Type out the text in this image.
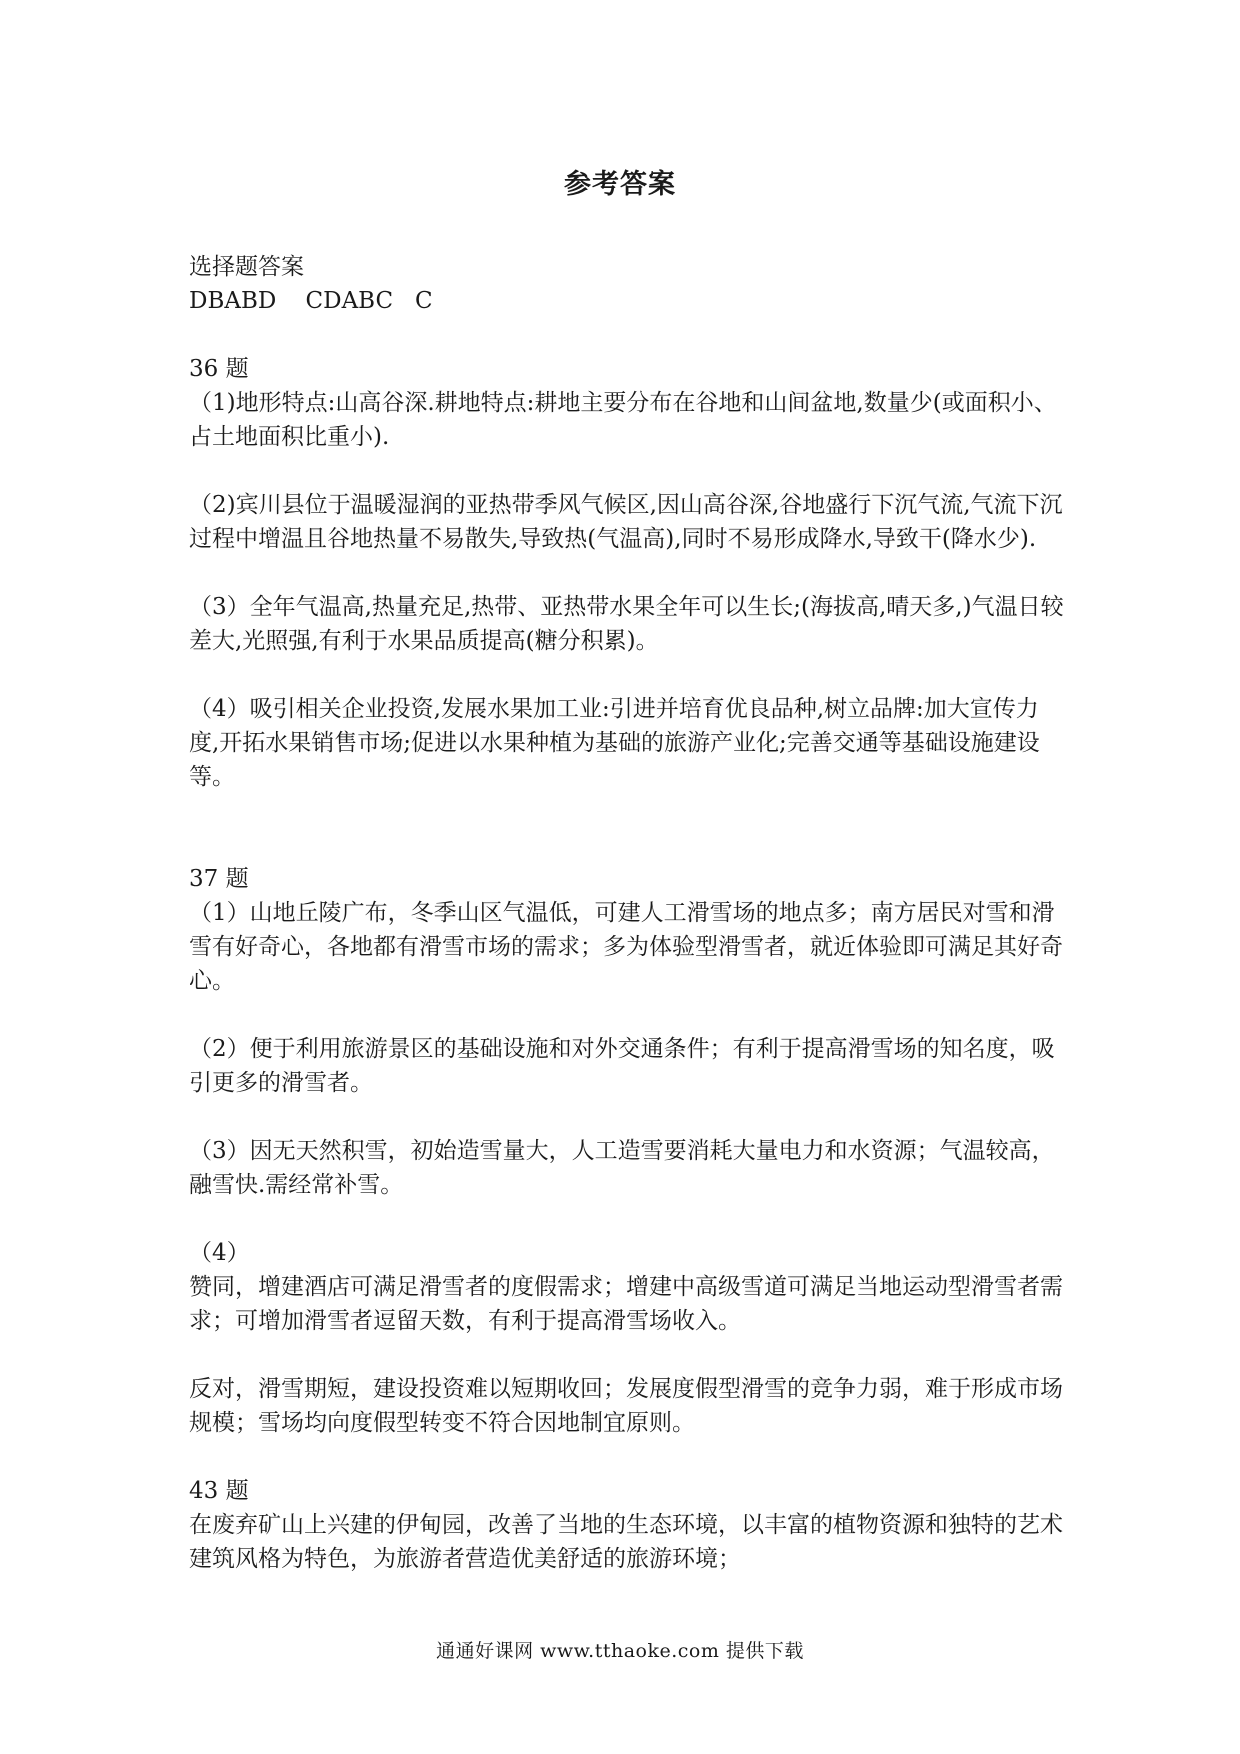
参考答案

选择题答案

DBABD    CDABC   C

36 题

（1)地形特点:山高谷深.耕地特点:耕地主要分布在谷地和山间盆地,数量少(或面积小、占土地面积比重小).

（2)宾川县位于温暖湿润的亚热带季风气候区,因山高谷深,谷地盛行下沉气流,气流下沉过程中增温且谷地热量不易散失,导致热(气温高),同时不易形成降水,导致干(降水少).

（3）全年气温高,热量充足,热带、亚热带水果全年可以生长;(海拔高,晴天多,)气温日较差大,光照强,有利于水果品质提高(糖分积累)。

（4）吸引相关企业投资,发展水果加工业:引进并培育优良品种,树立品牌:加大宣传力度,开拓水果销售市场;促进以水果种植为基础的旅游产业化;完善交通等基础设施建设等。

37 题

（1）山地丘陵广布，冬季山区气温低，可建人工滑雪场的地点多；南方居民对雪和滑雪有好奇心，各地都有滑雪市场的需求；多为体验型滑雪者，就近体验即可满足其好奇心。

（2）便于利用旅游景区的基础设施和对外交通条件；有利于提高滑雪场的知名度，吸引更多的滑雪者。

（3）因无天然积雪，初始造雪量大，人工造雪要消耗大量电力和水资源；气温较高，融雪快.需经常补雪。

（4）

赞同，增建酒店可满足滑雪者的度假需求；增建中高级雪道可满足当地运动型滑雪者需求；可增加滑雪者逗留天数，有利于提高滑雪场收入。

反对，滑雪期短，建设投资难以短期收回；发展度假型滑雪的竞争力弱，难于形成市场规模；雪场均向度假型转变不符合因地制宜原则。

43 题

在废弃矿山上兴建的伊甸园，改善了当地的生态环境，以丰富的植物资源和独特的艺术建筑风格为特色，为旅游者营造优美舒适的旅游环境；

通通好课网 www.tthaoke.com 提供下载
